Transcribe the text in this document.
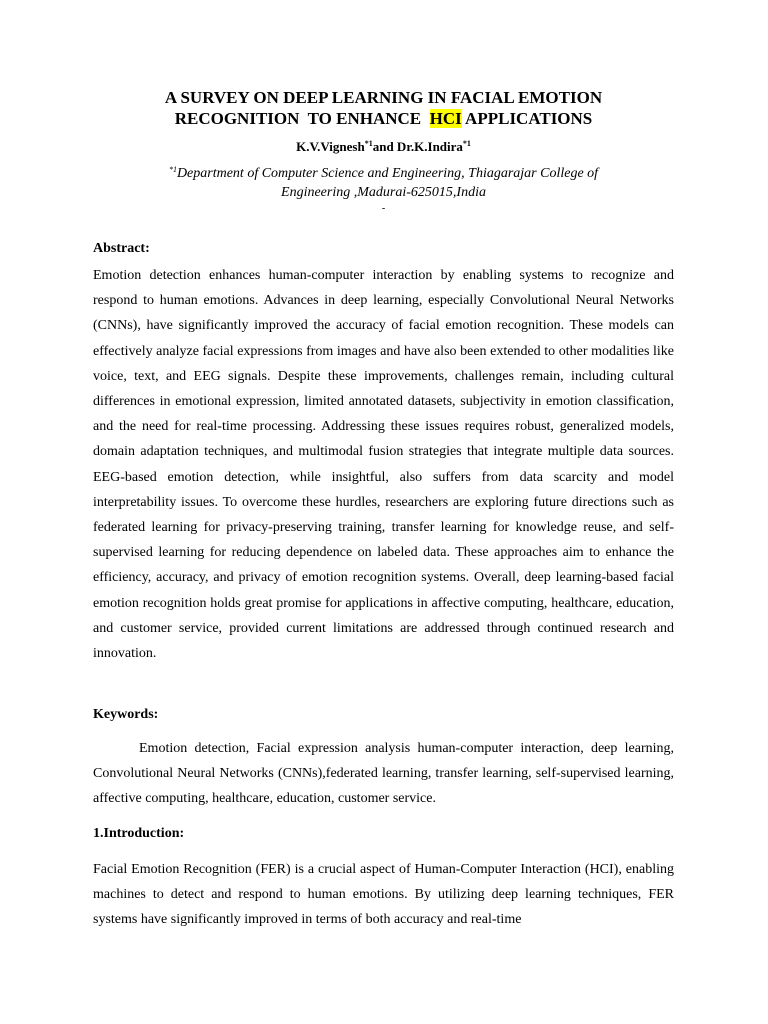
A SURVEY ON DEEP LEARNING IN FACIAL EMOTION
RECOGNITION  TO ENHANCE  HCI APPLICATIONS
K.V.Vignesh$^{*1}$and Dr.K.Indira$^{*1}$
$^{*1}$Department of Computer Science and Engineering, Thiagarajar College of
Engineering ,Madurai-625015,India
-
Abstract:

Emotion detection enhances human-computer interaction by enabling systems to recognize and respond to human emotions. Advances in deep learning, especially Convolutional Neural Networks (CNNs), have significantly improved the accuracy of facial emotion recognition. These models can effectively analyze facial expressions from images and have also been extended to other modalities like voice, text, and EEG signals. Despite these improvements, challenges remain, including cultural differences in emotional expression, limited annotated datasets, subjectivity in emotion classification, and the need for real-time processing. Addressing these issues requires robust, generalized models, domain adaptation techniques, and multimodal fusion strategies that integrate multiple data sources. EEG-based emotion detection, while insightful, also suffers from data scarcity and model interpretability issues. To overcome these hurdles, researchers are exploring future directions such as federated learning for privacy-preserving training, transfer learning for knowledge reuse, and self-supervised learning for reducing dependence on labeled data. These approaches aim to enhance the efficiency, accuracy, and privacy of emotion recognition systems. Overall, deep learning-based facial emotion recognition holds great promise for applications in affective computing, healthcare, education, and customer service, provided current limitations are addressed through continued research and innovation.

Keywords:

Emotion detection, Facial expression analysis human-computer interaction, deep learning, Convolutional Neural Networks (CNNs),federated learning, transfer learning, self-supervised learning, affective computing, healthcare, education, customer service.

1.Introduction:

Facial Emotion Recognition (FER) is a crucial aspect of Human-Computer Interaction (HCI), enabling machines to detect and respond to human emotions. By utilizing deep learning techniques, FER systems have significantly improved in terms of both accuracy and real-time
